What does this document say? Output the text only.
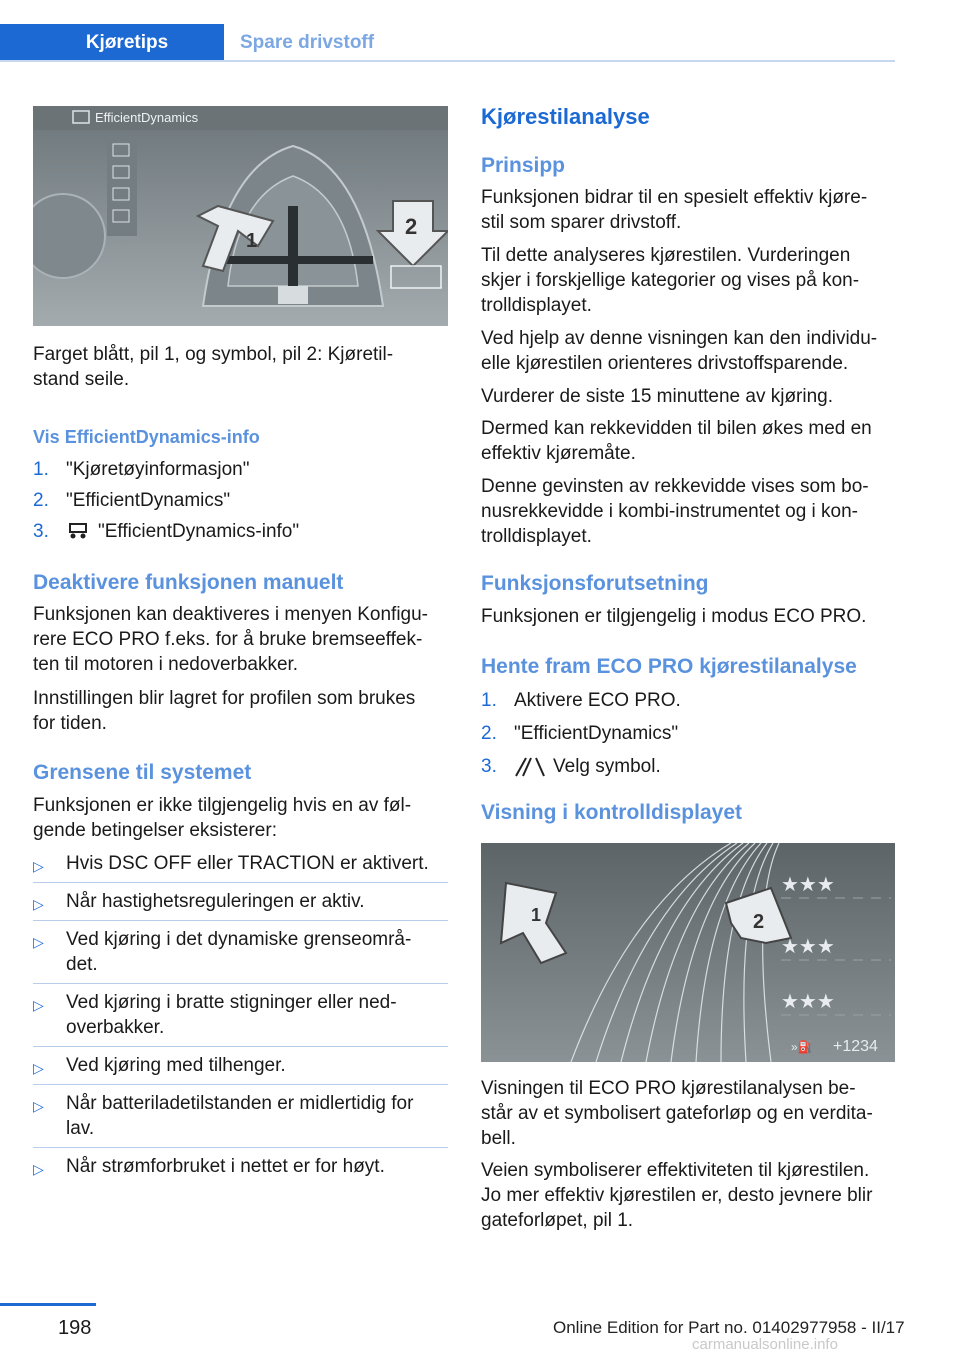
Kjøretips	Spare drivstoff
EfficientDynamics
1
2

Farget blått, pil 1, og symbol, pil 2: Kjøretil-
stand seile.

Vis EfficientDynamics-info
1. "Kjøretøyinformasjon"
2. "EfficientDynamics"
3.	"EfficientDynamics-info"
Deaktivere funksjonen manuelt

Funksjonen kan deaktiveres i menyen Konfigu-
rere ECO PRO f.eks. for å bruke bremseeffek-
ten til motoren i nedoverbakker.

Innstillingen blir lagret for profilen som brukes
for tiden.

Grensene til systemet

Funksjonen er ikke tilgjengelig hvis en av føl-
gende betingelser eksisterer:

▷ Hvis DSC OFF eller TRACTION er aktivert.
▷ Når hastighetsreguleringen er aktiv.
▷ Ved kjøring i det dynamiske grenseområ-
det.
▷ Ved kjøring i bratte stigninger eller ned-
overbakker.
▷ Ved kjøring med tilhenger.
▷ Når batteriladetilstanden er midlertidig for
lav.
▷ Når strømforbruket i nettet er for høyt.
Kjørestilanalyse
Prinsipp

Funksjonen bidrar til en spesielt effektiv kjøre-
stil som sparer drivstoff.

Til dette analyseres kjørestilen. Vurderingen
skjer i forskjellige kategorier og vises på kon-
trolldisplayet.

Ved hjelp av denne visningen kan den individu-
elle kjørestilen orienteres drivstoffsparende.

Vurderer de siste 15 minuttene av kjøring.

Dermed kan rekkevidden til bilen økes med en
effektiv kjøremåte.

Denne gevinsten av rekkevidde vises som bo-
nusrekkevidde i kombi-instrumentet og i kon-
trolldisplayet.

Funksjonsforutsetning

Funksjonen er tilgjengelig i modus ECO PRO.

Hente fram ECO PRO kjørestilanalyse
1. Aktivere ECO PRO.
2. "EfficientDynamics"
3.	Velg symbol.
Visning i kontrolldisplayet
1	2
★★★
★★★
★★★
»⛽ +1234

Visningen til ECO PRO kjørestilanalysen be-
står av et symbolisert gateforløp og en verdita-
bell.

Veien symboliserer effektiviteten til kjørestilen.
Jo mer effektiv kjørestilen er, desto jevnere blir
gateforløpet, pil 1.

198	Online Edition for Part no. 01402977958 - II/17
carmanualsonline.info
